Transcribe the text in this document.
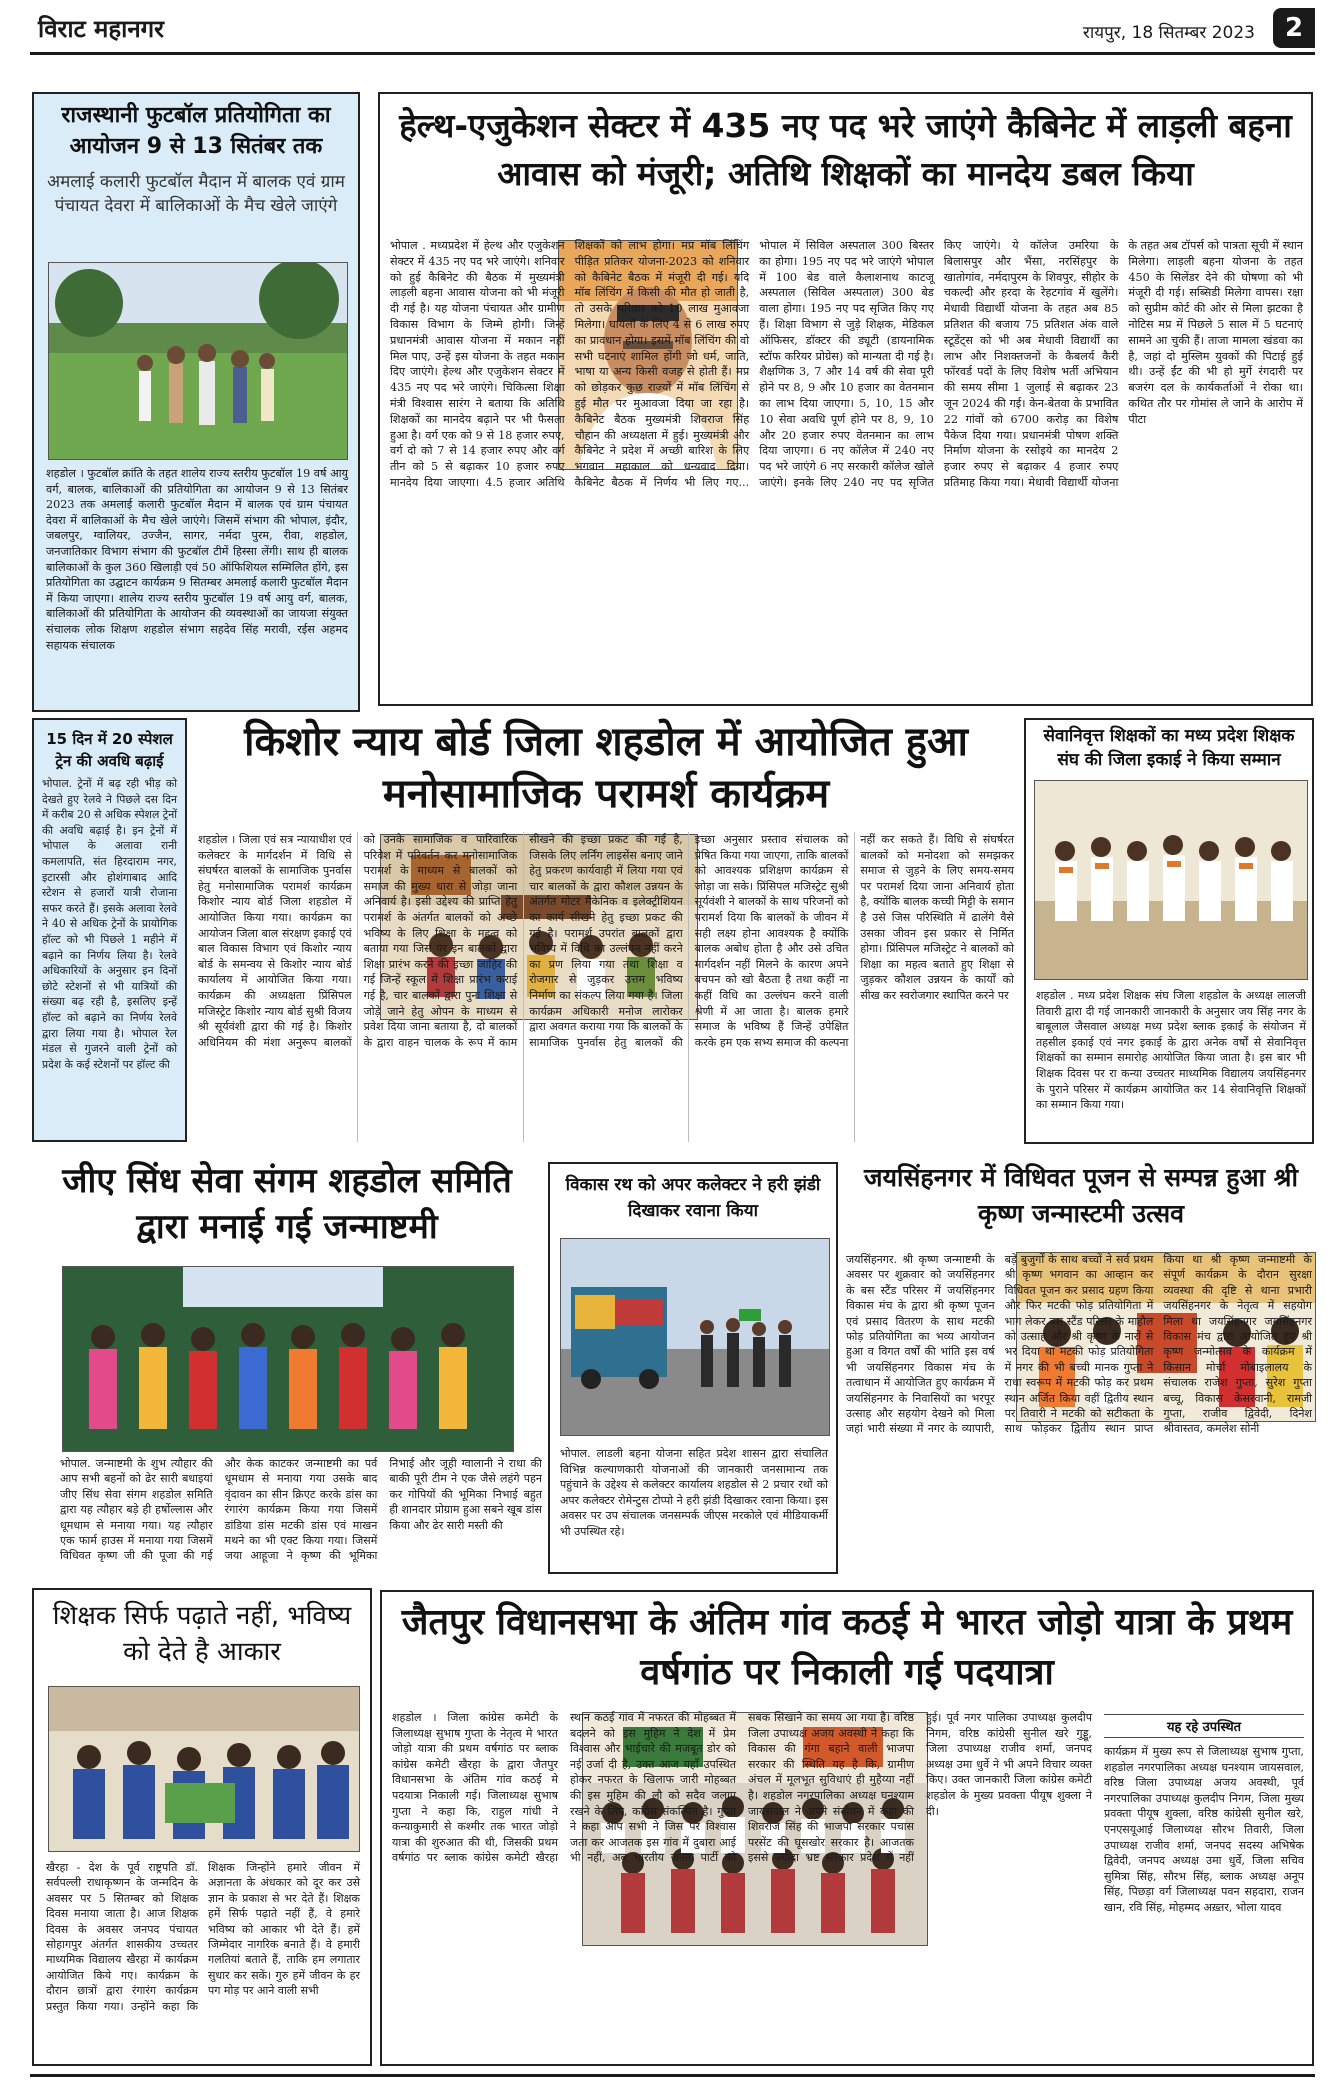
विराट महानगर	रायपुर, 18 सितम्बर 2023	2
राजस्थानी फुटबॉल प्रतियोगिता का आयोजन 9 से 13 सितंबर तक

अमलाई कलारी फुटबॉल मैदान में बालक एवं ग्राम पंचायत देवरा में बालिकाओं के मैच खेले जाएंगे

शहडोल । फुटबॉल क्रांति के तहत शालेय राज्य स्तरीय फुटबॉल 19 वर्ष आयु वर्ग, बालक, बालिकाओं की प्रतियोगिता का आयोजन 9 से 13 सितंबर 2023 तक अमलाई कलारी फुटबॉल मैदान में बालक एवं ग्राम पंचायत देवरा में बालिकाओं के मैच खेले जाएंगे। जिसमें संभाग की भोपाल, इंदौर, जबलपुर, ग्वालियर, उज्जैन, सागर, नर्मदा पुरम, रीवा, शहडोल, जनजातिकार विभाग संभाग की फुटबॉल टीमें हिस्सा लेंगी। साथ ही बालक बालिकाओं के कुल 360 खिलाड़ी एवं 50 ऑफिशियल सम्मिलित होंगे, इस प्रतियोगिता का उद्घाटन कार्यक्रम 9 सितम्बर अमलाई कलारी फुटबॉल मैदान में किया जाएगा। शालेय राज्य स्तरीय फुटबॉल 19 वर्ष आयु वर्ग, बालक, बालिकाओं की प्रतियोगिता के आयोजन की व्यवस्थाओं का जायजा संयुक्त संचालक लोक शिक्षण शहडोल संभाग सहदेव सिंह मरावी, रईस अहमद सहायक संचालक

हेल्थ-एजुकेशन सेक्टर में 435 नए पद भरे जाएंगे कैबिनेट में लाड़ली बहना आवास को मंजूरी; अतिथि शिक्षकों का मानदेय डबल किया

भोपाल . मध्यप्रदेश में हेल्थ और एजुकेशन सेक्टर में 435 नए पद भरे जाएंगे। शनिवार को हुई कैबिनेट की बैठक में मुख्यमंत्री लाड़ली बहना आवास योजना को भी मंजूरी दी गई है। यह योजना पंचायत और ग्रामीण विकास विभाग के जिम्मे होगी। जिन्हें प्रधानमंत्री आवास योजना में मकान नहीं मिल पाए, उन्हें इस योजना के तहत मकान दिए जाएंगे। हेल्थ और एजुकेशन सेक्टर में 435 नए पद भरे जाएंगे। चिकित्सा शिक्षा मंत्री विश्वास सारंग ने बताया कि अतिथि शिक्षकों का मानदेय बढ़ाने पर भी फैसला हुआ है। वर्ग एक को 9 से 18 हजार रुपए, वर्ग दो को 7 से 14 हजार रुपए और वर्ग तीन को 5 से बढ़ाकर 10 हजार रुपए मानदेय दिया जाएगा। 4.5 हजार अतिथि शिक्षकों को लाभ होगा। मप्र मॉब लिंचिंग पीड़ित प्रतिकर योजना-2023 को शनिवार को कैबिनेट बैठक में मंजूरी दी गई। यदि मॉब लिंचिंग में किसी की मौत हो जाती है, तो उसके परिवार को 10 लाख मुआवजा मिलेगा। घायलों के लिए 4 से 6 लाख रुपए का प्रावधान होगा। इसमें मॉब लिंचिंग की वो सभी घटनाएं शामिल होंगी जो धर्म, जाति, भाषा या अन्य किसी वजह से होती हैं। मप्र को छोड़कर कुछ राज्यों में मॉब लिंचिंग से हुई मौत पर मुआवजा दिया जा रहा है। कैबिनेट बैठक मुख्यमंत्री शिवराज सिंह चौहान की अध्यक्षता में हुई। मुख्यमंत्री और कैबिनेट ने प्रदेश में अच्छी बारिश के लिए भगवान महाकाल को धन्यवाद दिया। कैबिनेट बैठक में निर्णय भी लिए गए... भोपाल में सिविल अस्पताल 300 बिस्तर का होगा। 195 नए पद भरे जाएंगे भोपाल में 100 बेड वाले कैलाशनाथ काटजू अस्पताल (सिविल अस्पताल) 300 बेड वाला होगा। 195 नए पद सृजित किए गए हैं। शिक्षा विभाग से जुड़े शिक्षक, मेडिकल ऑफिसर, डॉक्टर की ड्यूटी (डायनामिक स्टॉफ करियर प्रोग्रेस) को मान्यता दी गई है। शैक्षणिक 3, 7 और 14 वर्ष की सेवा पूरी होने पर 8, 9 और 10 हजार का वेतनमान का लाभ दिया जाएगा। 5, 10, 15 और 10 सेवा अवधि पूर्ण होने पर 8, 9, 10 और 20 हजार रुपए वेतनमान का लाभ दिया जाएगा। 6 नए कॉलेज में 240 नए पद भरे जाएंगे 6 नए सरकारी कॉलेज खोले जाएंगे। इनके लिए 240 नए पद सृजित किए जाएंगे। ये कॉलेज उमरिया के बिलासपुर और भैंसा, नरसिंहपुर के खातोगांव, नर्मदापुरम के शिवपुर, सीहोर के चकल्दी और हरदा के रेहटगांव में खुलेंगे। मेधावी विद्यार्थी योजना के तहत अब 85 प्रतिशत की बजाय 75 प्रतिशत अंक वाले स्टूडेंट्स को भी अब मेधावी विद्यार्थी का लाभ और निशक्तजनों के कैबलर्य कैरी फॉरवर्ड पदों के लिए विशेष भर्ती अभियान की समय सीमा 1 जुलाई से बढ़ाकर 23 जून 2024 की गई। केन-बेतवा के प्रभावित 22 गांवों को 6700 करोड़ का विशेष पैकेज दिया गया। प्रधानमंत्री पोषण शक्ति निर्माण योजना के रसोइये का मानदेय 2 हजार रुपए से बढ़ाकर 4 हजार रुपए प्रतिमाह किया गया। मेधावी विद्यार्थी योजना के तहत अब टॉपर्स को पात्रता सूची में स्थान मिलेगा। लाड़ली बहना योजना के तहत 450 के सिलेंडर देने की घोषणा को भी मंजूरी दी गई। सब्सिडी मिलेगा वापस। रक्षा को सुप्रीम कोर्ट की ओर से मिला झटका है नोटिस मप्र में पिछले 5 साल में 5 घटनाएं सामने आ चुकी हैं। ताजा मामला खंडवा का है, जहां दो मुस्लिम युवकों की पिटाई हुई थी। उन्हें ईंट की भी हो मुर्गे रंगदारी पर बजरंग दल के कार्यकर्ताओं ने रोका था। कथित तौर पर गोमांस ले जाने के आरोप में पीटा

15 दिन में 20 स्पेशल ट्रेन की अवधि बढ़ाई

भोपाल. ट्रेनों में बढ़ रही भीड़ को देखते हुए रेलवे ने पिछले दस दिन में करीब 20 से अधिक स्पेशल ट्रेनों की अवधि बढ़ाई है। इन ट्रेनों में भोपाल के अलावा रानी कमलापति, संत हिरदाराम नगर, इटारसी और होशंगाबाद आदि स्टेशन से हजारों यात्री रोजाना सफर करते हैं। इसके अलावा रेलवे ने 40 से अधिक ट्रेनों के प्रायोगिक हॉल्ट को भी पिछले 1 महीने में बढ़ाने का निर्णय लिया है। रेलवे अधिकारियों के अनुसार इन दिनों छोटे स्टेशनों से भी यात्रियों की संख्या बढ़ रही है, इसलिए इन्हें हॉल्ट को बढ़ाने का निर्णय रेलवे द्वारा लिया गया है। भोपाल रेल मंडल से गुजरने वाली ट्रेनों को प्रदेश के कई स्टेशनों पर हॉल्ट की

किशोर न्याय बोर्ड जिला शहडोल में आयोजित हुआ मनोसामाजिक परामर्श कार्यक्रम

शहडोल । जिला एवं सत्र न्यायाधीश एवं कलेक्टर के मार्गदर्शन में विधि से संघर्षरत बालकों के सामाजिक पुनर्वास हेतु मनोसामाजिक परामर्श कार्यक्रम किशोर न्याय बोर्ड जिला शहडोल में आयोजित किया गया। कार्यक्रम का आयोजन जिला बाल संरक्षण इकाई एवं बाल विकास विभाग एवं किशोर न्याय बोर्ड के समन्वय से किशोर न्याय बोर्ड कार्यालय में आयोजित किया गया। कार्यक्रम की अध्यक्षता प्रिंसिपल मजिस्ट्रेट किशोर न्याय बोर्ड सुश्री विजय श्री सूर्यवंशी द्वारा की गई है। किशोर अधिनियम की मंशा अनुरूप बालकों को उनके सामाजिक व पारिवारिक परिवेश में परिवर्तन कर मनोसामाजिक परामर्श के माध्यम से बालकों को समाज की मुख्य धारा से जोड़ा जाना अनिवार्य है। इसी उद्देश्य की प्राप्ति हेतु परामर्श के अंतर्गत बालकों को अच्छे भविष्य के लिए शिक्षा के महत्व को बताया गया जिस पर इन बालकों द्वारा शिक्षा प्रारंभ करने की इच्छा जाहिर की गई जिन्हें स्कूल में शिक्षा प्रारंभ कराई गई है, चार बालकों द्वारा पुनः शिक्षा से जोड़े जाने हेतु ओपन के माध्यम से प्रवेश दिया जाना बताया है, दो बालकों के द्वारा वाहन चालक के रूप में काम सीखने की इच्छा प्रकट की गई है, जिसके लिए लर्निंग लाइसेंस बनाए जाने हेतु प्रकरण कार्यवाही में लिया गया एवं चार बालकों के द्वारा कौशल उन्नयन के अंतर्गत मोटर मैकेनिक व इलेक्ट्रीशियन का कार्य सीखने हेतु इच्छा प्रकट की गई है। परामर्श उपरांत बालकों द्वारा भविष्य में विधि का उल्लंघन नहीं करने का प्रण लिया गया तथा शिक्षा व रोजगार से जुड़कर उत्तम भविष्य निर्माण का संकल्प लिया गया है। जिला कार्यक्रम अधिकारी मनोज लारोकर द्वारा अवगत कराया गया कि बालकों के सामाजिक पुनर्वास हेतु बालकों की इच्छा अनुसार प्रस्ताव संचालक को प्रेषित किया गया जाएगा, ताकि बालकों को आवश्यक प्रशिक्षण कार्यक्रम से जोड़ा जा सके। प्रिंसिपल मजिस्ट्रेट सुश्री सूर्यवंशी ने बालकों के साथ परिजनों को परामर्श दिया कि बालकों के जीवन में सही लक्ष्य होना आवश्यक है क्योंकि बालक अबोध होता है और उसे उचित मार्गदर्शन नहीं मिलने के कारण अपने बचपन को खो बैठता है तथा कहीं ना कहीं विधि का उल्लंघन करने वाली श्रेणी में आ जाता है। बालक हमारे समाज के भविष्य हैं जिन्हें उपेक्षित करके हम एक सभ्य समाज की कल्पना नहीं कर सकते हैं। विधि से संघर्षरत बालकों को मनोदशा को समझकर समाज से जुड़ने के लिए समय-समय पर परामर्श दिया जाना अनिवार्य होता है, क्योंकि बालक कच्ची मिट्टी के समान है उसे जिस परिस्थिति में ढालेंगे वैसे उसका जीवन इस प्रकार से निर्मित होगा। प्रिंसिपल मजिस्ट्रेट ने बालकों को शिक्षा का महत्व बताते हुए शिक्षा से जुड़कर कौशल उन्नयन के कार्यों को सीख कर स्वरोजगार स्थापित करने पर

सेवानिवृत्त शिक्षकों का मध्य प्रदेश शिक्षक संघ की जिला इकाई ने किया सम्मान

शहडोल . मध्य प्रदेश शिक्षक संघ जिला शहडोल के अध्यक्ष लालजी तिवारी द्वारा दी गई जानकारी जानकारी के अनुसार जय सिंह नगर के बाबूलाल जैसवाल अध्यक्ष मध्य प्रदेश ब्लाक इकाई के संयोजन में तहसील इकाई एवं नगर इकाई के द्वारा अनेक वर्षों से सेवानिवृत्त शिक्षकों का सम्मान समारोह आयोजित किया जाता है। इस बार भी शिक्षक दिवस पर रा कन्या उच्चतर माध्यमिक विद्यालय जयसिंहनगर के पुराने परिसर में कार्यक्रम आयोजित कर 14 सेवानिवृत्ति शिक्षकों का सम्मान किया गया।

जीए सिंध सेवा संगम शहडोल समिति द्वारा मनाई गई जन्माष्टमी

भोपाल. जन्माष्टमी के शुभ त्यौहार की आप सभी बहनों को ढेर सारी बधाइयां जीए सिंध सेवा संगम शहडोल समिति द्वारा यह त्यौहार बड़े ही हर्षोल्लास और धूमधाम से मनाया गया। यह त्यौहार एक फार्म हाउस में मनाया गया जिसमें विधिवत कृष्ण जी की पूजा की गई और केक काटकर जन्माष्टमी का पर्व धूमधाम से मनाया गया उसके बाद वृंदावन का सीन क्रिएट करके डांस का रंगारंग कार्यक्रम किया गया जिसमें डांडिया डांस मटकी डांस एवं माखन मथने का भी एक्ट किया गया। जिसमें जया आहूजा ने कृष्ण की भूमिका निभाई और जूही ग्वालानी ने राधा की बाकी पूरी टीम ने एक जैसे लहंगे पहन कर गोपियों की भूमिका निभाई बहुत ही शानदार प्रोग्राम हुआ सबने खूब डांस किया और ढेर सारी मस्ती की

विकास रथ को अपर कलेक्टर ने हरी झंडी दिखाकर रवाना किया

भोपाल. लाडली बहना योजना सहित प्रदेश शासन द्वारा संचालित विभिन्न कल्याणकारी योजनाओं की जानकारी जनसामान्य तक पहुंचाने के उद्देश्य से कलेक्टर कार्यालय शहडोल से 2 प्रचार रथों को अपर कलेक्टर रोमेन्टुस टोप्पो ने हरी झंडी दिखाकर रवाना किया। इस अवसर पर उप संचालक जनसम्पर्क जीएस मरकोले एवं मीडियाकर्मी भी उपस्थित रहे।

जयसिंहनगर में विधिवत पूजन से सम्पन्न हुआ श्री कृष्ण जन्मास्टमी उत्सव

जयसिंहनगर. श्री कृष्ण जन्माष्टमी के अवसर पर शुक्रवार को जयसिंहनगर के बस स्टैंड परिसर में जयसिंहनगर विकास मंच के द्वारा श्री कृष्ण पूजन एवं प्रसाद वितरण के साथ मटकी फोड़ प्रतियोगिता का भव्य आयोजन हुआ व विगत वर्षों की भांति इस वर्ष भी जयसिंहनगर विकास मंच के तत्वाधान में आयोजित हुए कार्यक्रम में जयसिंहनगर के निवासियों का भरपूर उत्साह और सहयोग देखने को मिला जहां भारी संख्या में नगर के व्यापारी, बड़े बुजुर्गों के साथ बच्चों ने सर्व प्रथम श्री कृष्ण भगवान का आव्हान कर विधिवत पूजन कर प्रसाद ग्रहण किया और फिर मटकी फोड़ प्रतियोगिता में भाग लेकर बस स्टैंड परिसर के माहौल को उत्साह और श्री कृष्ण के नारों से भर दिया था मटकी फोड़ प्रतियोगिता में नगर की भी बच्ची मानक गुप्ता ने राधा स्वरूप में मटकी फोड़ कर प्रथम स्थान अर्जित किया वहीं द्वितीय स्थान पर तिवारी ने मटकी को सटीकता के साथ फोड़कर द्वितीय स्थान प्राप्त किया था श्री कृष्ण जन्माष्टमी के संपूर्ण कार्यक्रम के दौरान सुरक्षा व्यवस्था की दृष्टि से थाना प्रभारी जयसिंहनगर के नेतृत्व में सहयोग मिला था जयसिंहनगर जयसिंहनगर विकास मंच द्वारा आयोजित हुए श्री कृष्ण जन्मोत्सव के कार्यक्रम में किसान मोर्चा मोबाइलालय के संचालक राजेश गुप्ता, सुरेश गुप्ता बच्चू, विकास केसरवानी, रामजी गुप्ता, राजीव द्विवेदी, दिनेश श्रीवास्तव, कमलेश सोनी

शिक्षक सिर्फ पढ़ाते नहीं, भविष्य को देते है आकार

खैरहा - देश के पूर्व राष्ट्रपति डॉ. सर्वपल्ली राधाकृष्णन के जन्मदिन के अवसर पर 5 सितम्बर को शिक्षक दिवस मनाया जाता है। आज शिक्षक दिवस के अवसर जनपद पंचायत सोहागपुर अंतर्गत शासकीय उच्चतर माध्यमिक विद्यालय खैरहा में कार्यक्रम आयोजित किये गए। कार्यक्रम के दौरान छात्रों द्वारा रंगारंग कार्यक्रम प्रस्तुत किया गया। उन्होंने कहा कि शिक्षक जिन्होंने हमारे जीवन में अज्ञानता के अंधकार को दूर कर उसे ज्ञान के प्रकाश से भर देते हैं। शिक्षक हमें सिर्फ पढ़ाते नहीं हैं, वे हमारे भविष्य को आकार भी देते हैं। हमें जिम्मेदार नागरिक बनाते हैं। वे हमारी गलतियां बताते हैं, ताकि हम लगातार सुधार कर सकें। गुरु हमें जीवन के हर पग मोड़ पर आने वाली सभी

जैतपुर विधानसभा के अंतिम गांव कठई मे भारत जोड़ो यात्रा के प्रथम वर्षगांठ पर निकाली गई पदयात्रा

शहडोल । जिला कांग्रेस कमेटी के जिलाध्यक्ष सुभाष गुप्ता के नेतृत्व मे भारत जोड़ो यात्रा की प्रथम वर्षगांठ पर ब्लाक कांग्रेस कमेटी खैरहा के द्वारा जैतपुर विधानसभा के अंतिम गांव कठई मे पदयात्रा निकाली गई। जिलाध्यक्ष सुभाष गुप्ता ने कहा कि, राहुल गांधी ने कन्याकुमारी से कश्मीर तक भारत जोड़ो यात्रा की शुरुआत की थी, जिसकी प्रथम वर्षगांठ पर ब्लाक कांग्रेस कमेटी खैरहा स्थान कठई गांव में नफरत की मोहब्बत में बदलने को इस मुहिम ने देश में प्रेम विश्वास और भाईचारे की मजबूत डोर को नई उर्जा दी है, उक्त आज यहाँ उपस्थित होकर नफरत के खिलाफ जारी मोहब्बत की इस मुहिम की लौ को सदैव जलाए रखने के लिए, कांग्रेस संकल्पित है। गुप्ता ने कहा आप सभी ने जिस पर विश्वास जता कर आजतक इस गांव में दुबारा आई भी नहीं, अब भारतीय जनता पार्टी को सबक सिखाने का समय आ गया है। वरिष्ठ जिला उपाध्यक्ष अजय अवस्थी ने कहा कि विकास की गंगा बहाने वाली भाजपा सरकार की स्थिति यह है कि, ग्रामीण अंचल में मूलभूत सुविधाएं ही मुहैय्या नहीं है। शहडोल नगरपालिका अध्यक्ष घनश्याम जायसवाल ने अपने संबोधन में कहा की शिवराज सिंह की भाजपा सरकार पचास परसेंट की घूसखोर सरकार है। आजतक इससे ज्यादा भ्रष्ट सरकार प्रदेश में नहीं हुई। पूर्व नगर पालिका उपाध्यक्ष कुलदीप निगम, वरिष्ठ कांग्रेसी सुनील खरे गुड्डू, जिला उपाध्यक्ष राजीव शर्मा, जनपद अध्यक्ष उमा धुर्वे ने भी अपने विचार व्यक्त किए। उक्त जानकारी जिला कांग्रेस कमेटी शहडोल के मुख्य प्रवक्ता पीयूष शुक्ला ने दी।

यह रहे उपस्थित

कार्यक्रम में मुख्य रूप से जिलाध्यक्ष सुभाष गुप्ता, शहडोल नगरपालिका अध्यक्ष घनश्याम जायसवाल, वरिष्ठ जिला उपाध्यक्ष अजय अवस्थी, पूर्व नगरपालिका उपाध्यक्ष कुलदीप निगम, जिला मुख्य प्रवक्ता पीयूष शुक्ला, वरिष्ठ कांग्रेसी सुनील खरे, एनएसयूआई जिलाध्यक्ष सौरभ तिवारी, जिला उपाध्यक्ष राजीव शर्मा, जनपद सदस्य अभिषेक द्विवेदी, जनपद अध्यक्ष उमा धुर्वे, जिला सचिव सुमित्रा सिंह, सौरभ सिंह, ब्लाक अध्यक्ष अनूप सिंह, पिछड़ा वर्ग जिलाध्यक्ष पवन सहदारा, राजन खान, रवि सिंह, मोहम्मद अख़्तर, भोला यादव
